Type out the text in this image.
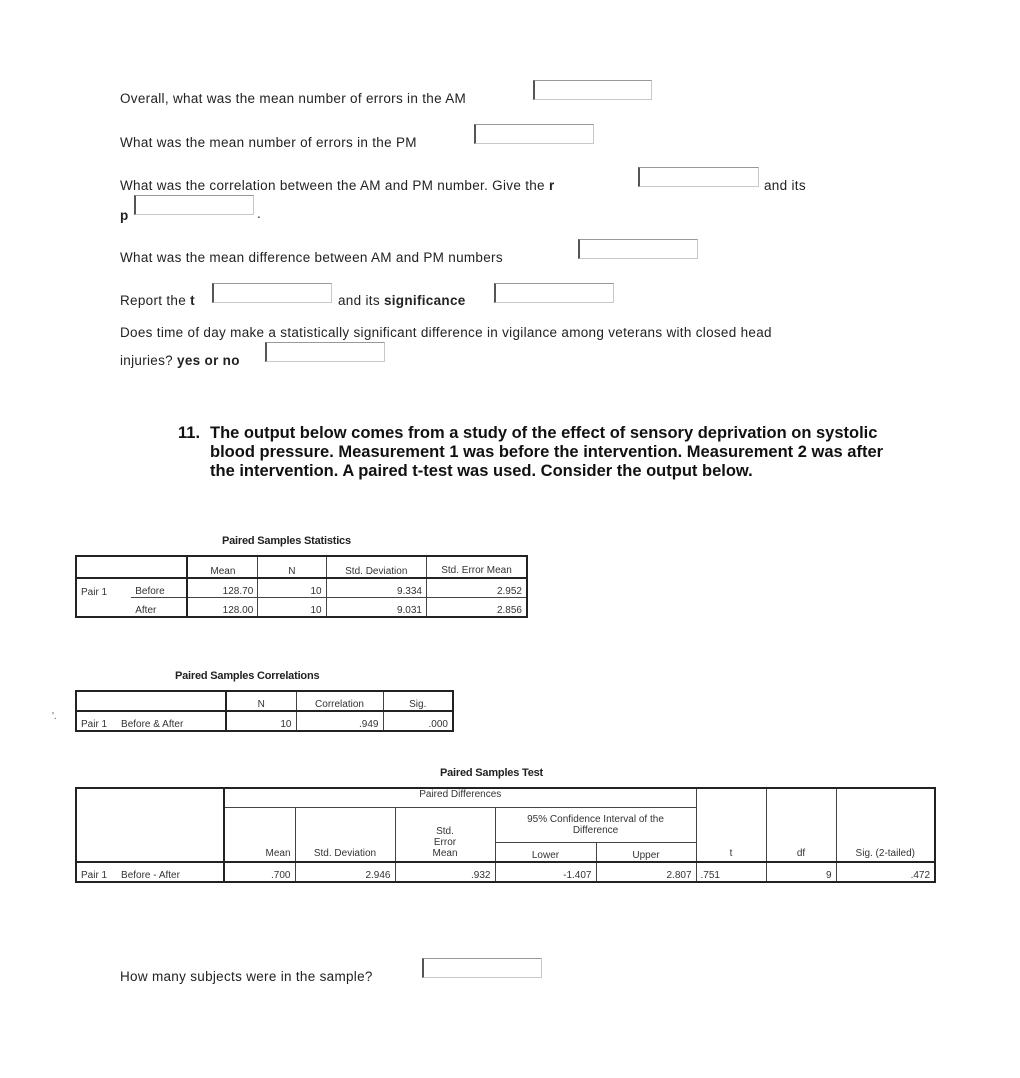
Overall, what was the mean number of errors in the AM
What was the mean number of errors in the PM
What was the correlation between the AM and PM number. Give the r	and its
p	.
What was the mean difference between AM and PM numbers
Report the t	and its significance
Does time of day make a statistically significant difference in vigilance among veterans with closed head
injuries? yes or no
11. The output below comes from a study of the effect of sensory deprivation on systolic blood pressure. Measurement 1 was before the intervention. Measurement 2 was after the intervention. A paired t-test was used. Consider the output below.
Paired Samples Statistics
		Mean	N	Std. Deviation	Std. Error Mean
Pair 1	Before	128.70	10	9.334	2.952
	After	128.00	10	9.031	2.856
Paired Samples Correlations
'.
	N	Correlation	Sig.
Pair 1 Before & After	10	.949	.000
Paired Samples Test
	Paired Differences					t	df	Sig. (2-tailed)
	Mean	Std. Deviation	Std. Error Mean	95% Confidence Interval of the Difference				
				Lower	Upper			
Pair 1 Before - After	.700	2.946	.932	-1.407	2.807	.751	9	.472
How many subjects were in the sample?
